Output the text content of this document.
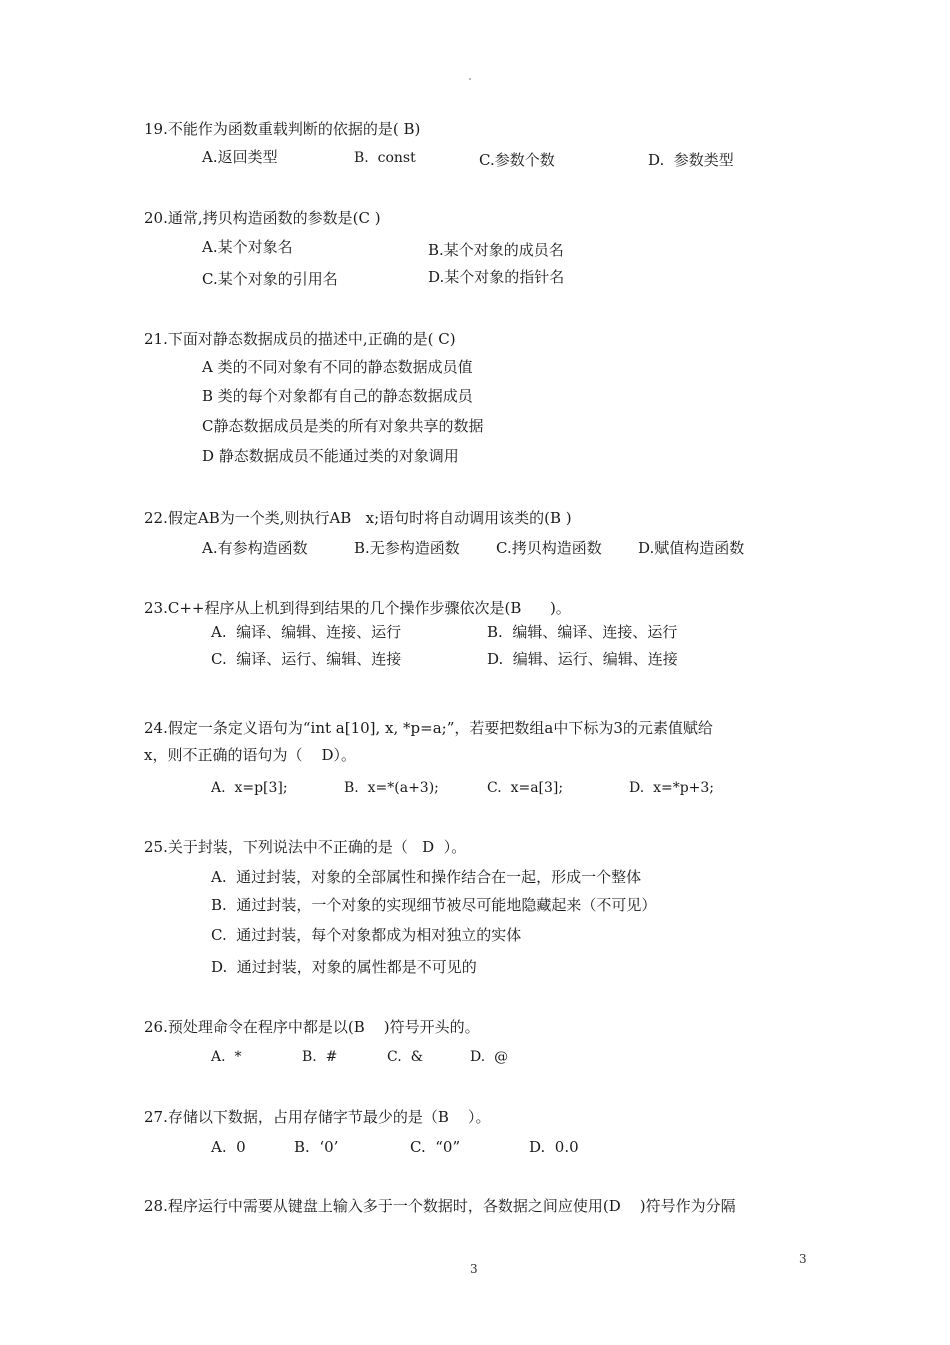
19.不能作为函数重载判断的依据的是( B)
A.返回类型	B.  const	C.参数个数	D.  参数类型
20.通常,拷贝构造函数的参数是(C )
A.某个对象名	B.某个对象的成员名
C.某个对象的引用名	D.某个对象的指针名
21.下面对静态数据成员的描述中,正确的是( C)
A 类的不同对象有不同的静态数据成员值
B 类的每个对象都有自己的静态数据成员
C静态数据成员是类的所有对象共享的数据
D 静态数据成员不能通过类的对象调用
22.假定AB为一个类,则执行AB   x;语句时将自动调用该类的(B )
A.有参构造函数	B.无参构造函数 C.拷贝构造函数 D.赋值构造函数
23.C++程序从上机到得到结果的几个操作步骤依次是(B      )。
A.  编译、编辑、连接、运行	B.  编辑、编译、连接、运行
C.  编译、运行、编辑、连接	D.  编辑、运行、编辑、连接
24.假定一条定义语句为“int a[10], x, *p=a;”，若要把数组a中下标为3的元素值赋给
x，则不正确的语句为（    D）。
A.  x=p[3];	B.  x=*(a+3);	C.  x=a[3];	D.  x=*p+3;
25.关于封装，下列说法中不正确的是（   D  ）。
A.  通过封装，对象的全部属性和操作结合在一起，形成一个整体
B.  通过封装，一个对象的实现细节被尽可能地隐藏起来（不可见）
C.  通过封装，每个对象都成为相对独立的实体
D.  通过封装，对象的属性都是不可见的
26.预处理命令在程序中都是以(B    )符号开头的。
A.  *	B.  #	C.  &	D.  @
27.存储以下数据，占用存储字节最少的是（B    ）。
A.  0	B.  ‘0’	C.  “0”	D.  0.0
28.程序运行中需要从键盘上输入多于一个数据时，各数据之间应使用(D    )符号作为分隔
3
3
